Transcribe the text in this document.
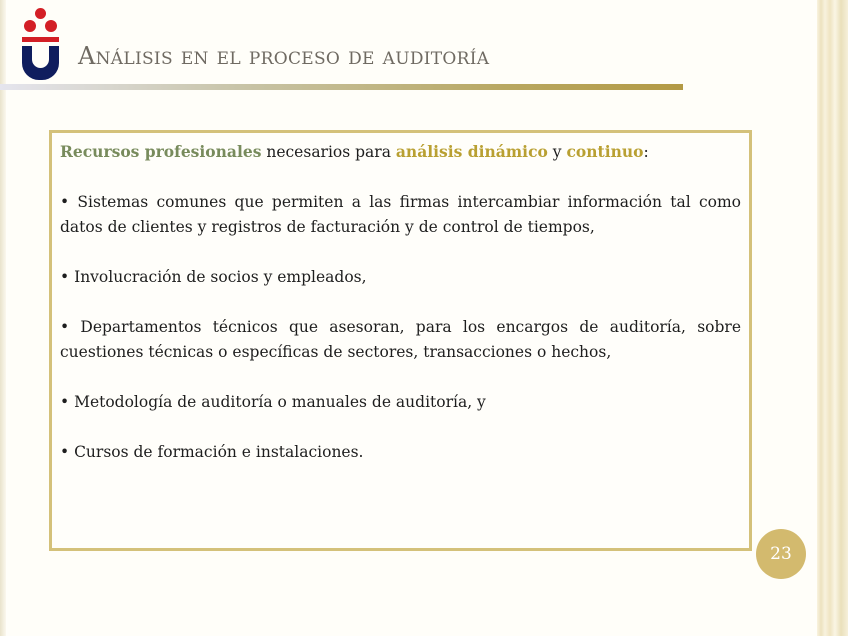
Análisis en el proceso de auditoría

Recursos profesionales necesarios para análisis dinámico y continuo:

• Sistemas comunes que permiten a las firmas intercambiar información tal como datos de clientes y registros de facturación y de control de tiempos,

• Involucración de socios y empleados,

• Departamentos técnicos que asesoran, para los encargos de auditoría, sobre cuestiones técnicas o específicas de sectores, transacciones o hechos,

• Metodología de auditoría o manuales de auditoría, y

• Cursos de formación e instalaciones.

23
